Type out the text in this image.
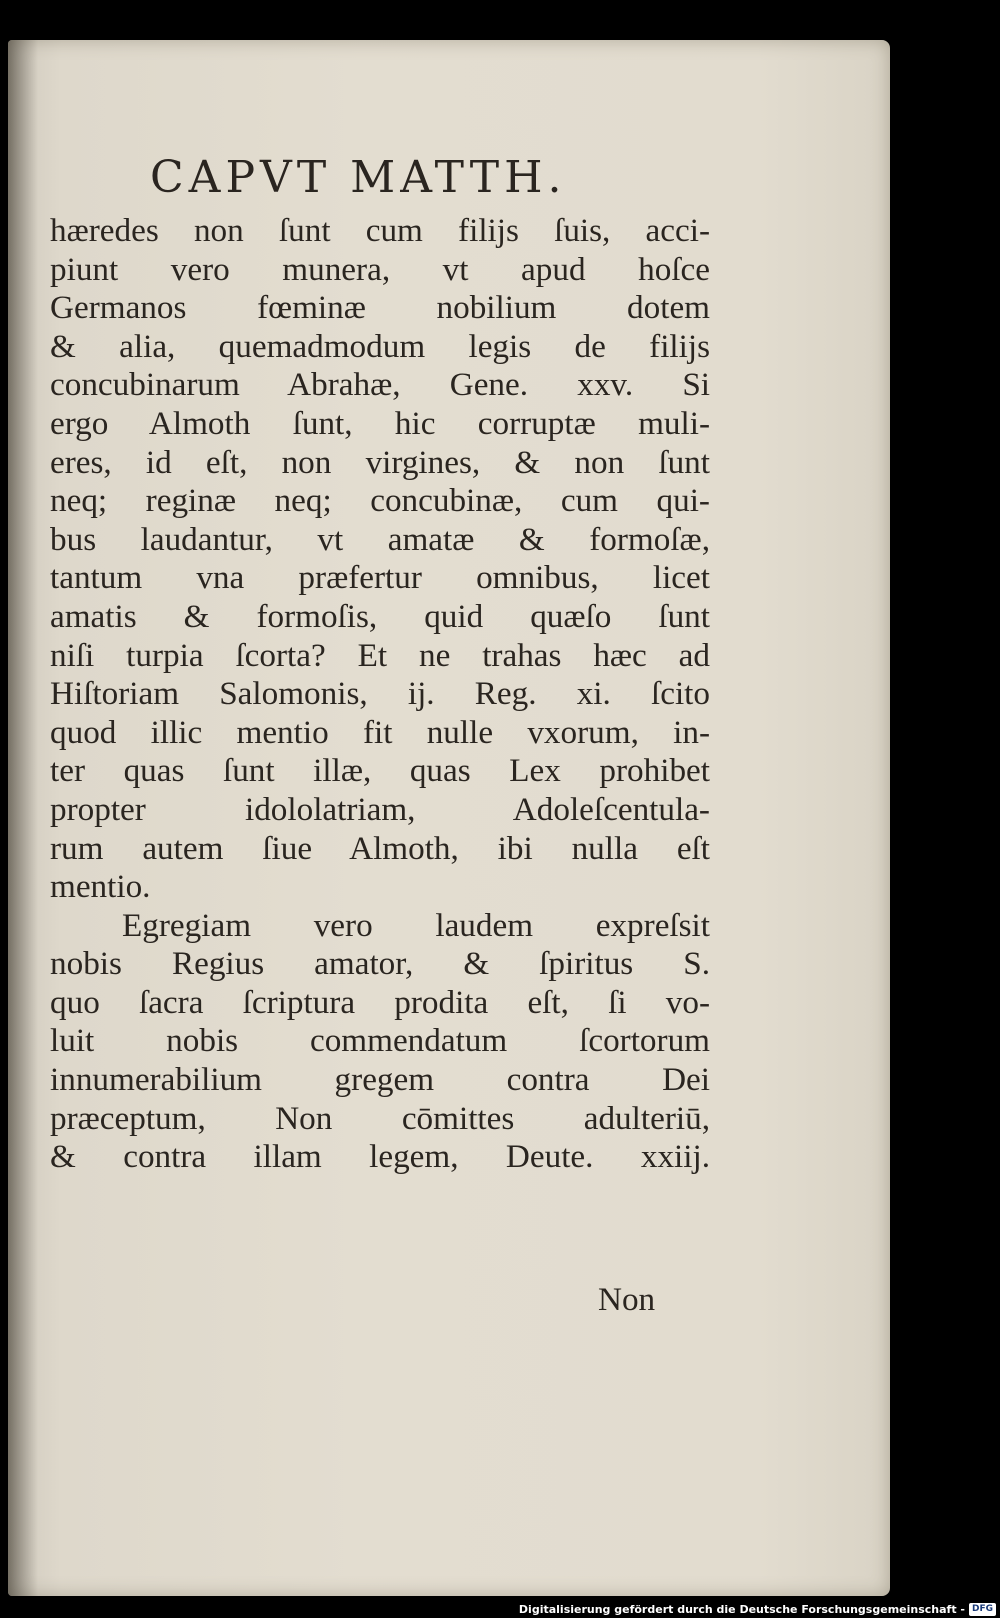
CAPVT MATTH.
hæredes non ſunt cum filijs ſuis, acci-
piunt vero munera, vt apud hoſce
Germanos fœminæ nobilium dotem
& alia, quemadmodum legis de filijs
concubinarum Abrahæ, Gene. xxv. Si
ergo Almoth ſunt, hic corruptæ muli-
eres, id eſt, non virgines, & non ſunt
neq; reginæ neq; concubinæ, cum qui-
bus laudantur, vt amatæ & formoſæ,
tantum vna præfertur omnibus, licet
amatis & formoſis, quid quæſo ſunt
niſi turpia ſcorta? Et ne trahas hæc ad
Hiſtoriam Salomonis, ij. Reg. xi. ſcito
quod illic mentio fit nulle vxorum, in-
ter quas ſunt illæ, quas Lex prohibet
propter idololatriam, Adoleſcentula-
rum autem ſiue Almoth, ibi nulla eſt
mentio.
Egregiam vero laudem expreſsit
nobis Regius amator, & ſpiritus S.
quo ſacra ſcriptura prodita eſt, ſi vo-
luit nobis commendatum ſcortorum
innumerabilium gregem contra Dei
præceptum, Non cōmittes adulteriū,
& contra illam legem, Deute. xxiij.
Non
Digitalisierung gefördert durch die Deutsche Forschungsgemeinschaft - DFG
